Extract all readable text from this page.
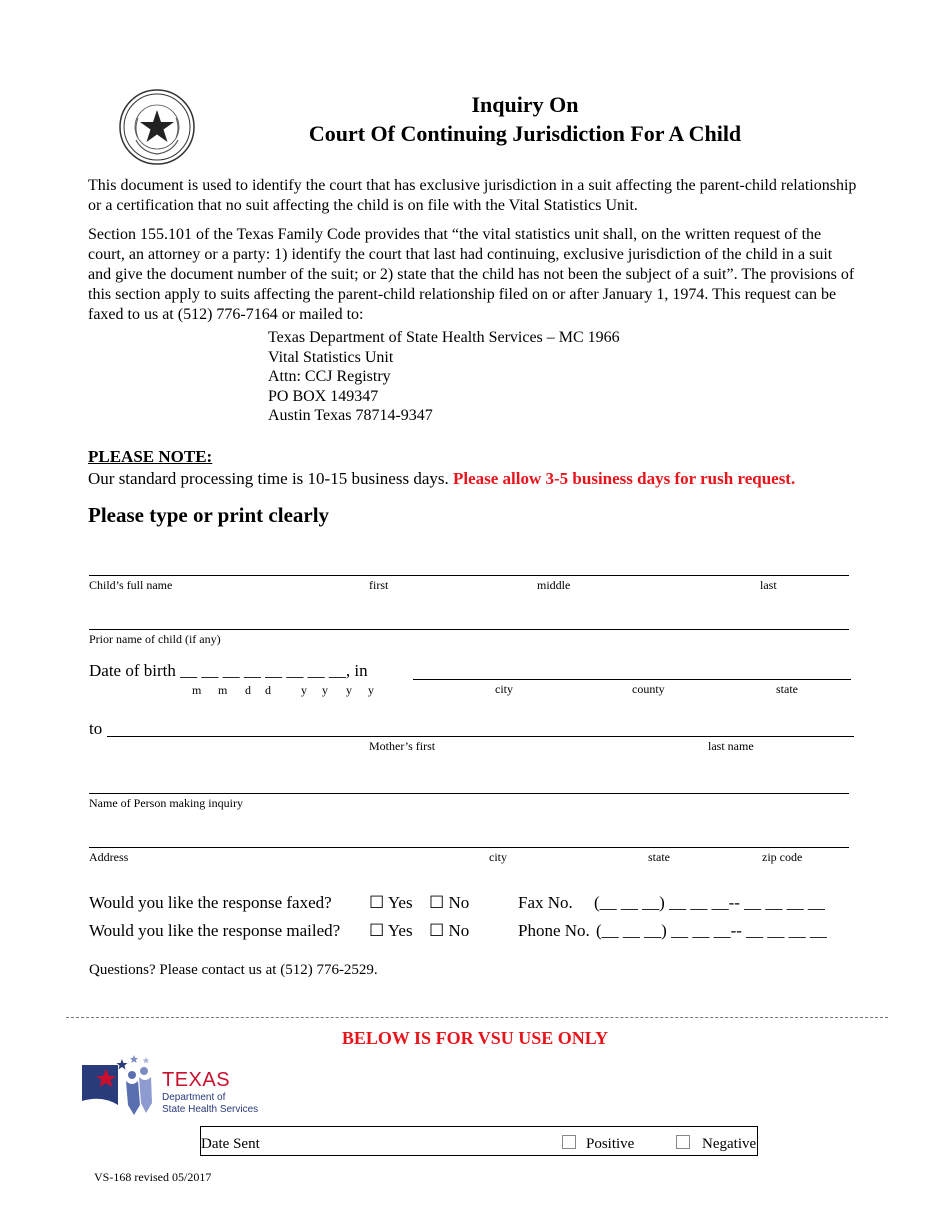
Inquiry On
Court Of Continuing Jurisdiction For A Child

This document is used to identify the court that has exclusive jurisdiction in a suit affecting the parent-child relationship or a certification that no suit affecting the child is on file with the Vital Statistics Unit.

Section 155.101 of the Texas Family Code provides that “the vital statistics unit shall, on the written request of the court, an attorney or a party: 1) identify the court that last had continuing, exclusive jurisdiction of the child in a suit and give the document number of the suit; or 2) state that the child has not been the subject of a suit”. The provisions of this section apply to suits affecting the parent-child relationship filed on or after January 1, 1974. This request can be faxed to us at (512) 776-7164 or mailed to:

Texas Department of State Health Services – MC 1966
Vital Statistics Unit
Attn: CCJ Registry
PO BOX 149347
Austin Texas 78714-9347
PLEASE NOTE:
Our standard processing time is 10-15 business days. Please allow 3-5 business days for rush request.
Please type or print clearly
Child’s full name	first	middle	last
Prior name of child (if any)
Date of birth __ __ __ __ __ __ __ __, in
m m d d	y y y y	city	county	state
to
Mother’s first	last name
Name of Person making inquiry
Address	city	state	zip code
Would you like the response faxed? ☐ Yes ☐ No	Fax No. (__ __ __) __ __ __-- __ __ __ __
Would you like the response mailed? ☐ Yes ☐ No	Phone No. (__ __ __) __ __ __-- __ __ __ __
Questions? Please contact us at (512) 776-2529.
BELOW IS FOR VSU USE ONLY
TEXAS
Department of
State Health Services
Date Sent	Positive	Negative
VS-168 revised 05/2017
